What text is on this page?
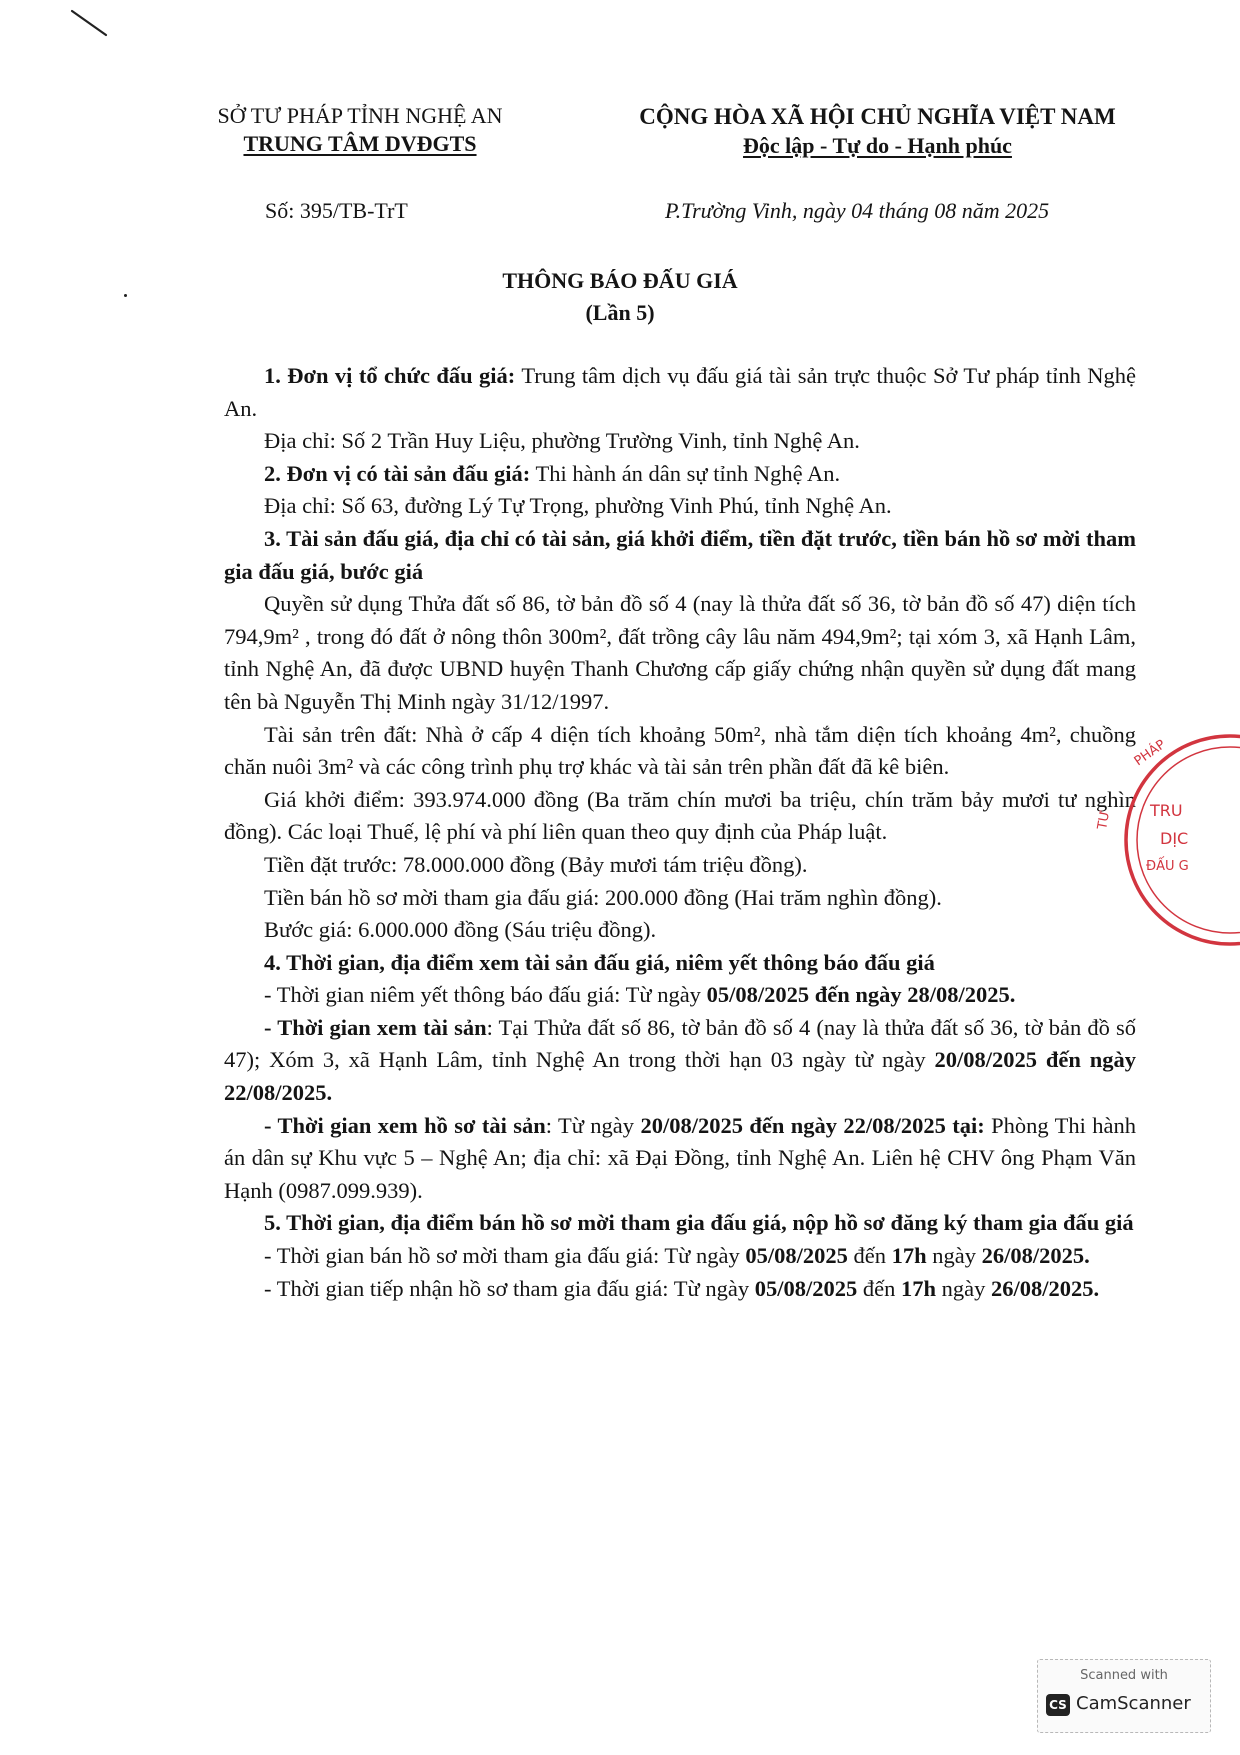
SỞ TƯ PHÁP TỈNH NGHỆ AN
TRUNG TÂM DVĐGTS
CỘNG HÒA XÃ HỘI CHỦ NGHĨA VIỆT NAM
Độc lập - Tự do - Hạnh phúc
Số: 395/TB-TrT	P.Trường Vinh, ngày 04 tháng 08 năm 2025
THÔNG BÁO ĐẤU GIÁ
(Lần 5)

1. Đơn vị tổ chức đấu giá: Trung tâm dịch vụ đấu giá tài sản trực thuộc Sở Tư pháp tỉnh Nghệ An.

Địa chỉ: Số 2 Trần Huy Liệu, phường Trường Vinh, tỉnh Nghệ An.

2. Đơn vị có tài sản đấu giá: Thi hành án dân sự tỉnh Nghệ An.

Địa chỉ: Số 63, đường Lý Tự Trọng, phường Vinh Phú, tỉnh Nghệ An.

3. Tài sản đấu giá, địa chỉ có tài sản, giá khởi điểm, tiền đặt trước, tiền bán hồ sơ mời tham gia đấu giá, bước giá

Quyền sử dụng Thửa đất số 86, tờ bản đồ số 4 (nay là thửa đất số 36, tờ bản đồ số 47) diện tích 794,9m² , trong đó đất ở nông thôn 300m², đất trồng cây lâu năm 494,9m²; tại xóm 3, xã Hạnh Lâm, tỉnh Nghệ An, đã được UBND huyện Thanh Chương cấp giấy chứng nhận quyền sử dụng đất mang tên bà Nguyễn Thị Minh ngày 31/12/1997.

Tài sản trên đất: Nhà ở cấp 4 diện tích khoảng 50m², nhà tắm diện tích khoảng 4m², chuồng chăn nuôi 3m² và các công trình phụ trợ khác và tài sản trên phần đất đã kê biên.

Giá khởi điểm: 393.974.000 đồng (Ba trăm chín mươi ba triệu, chín trăm bảy mươi tư nghìn đồng). Các loại Thuế, lệ phí và phí liên quan theo quy định của Pháp luật.

Tiền đặt trước: 78.000.000 đồng (Bảy mươi tám triệu đồng).

Tiền bán hồ sơ mời tham gia đấu giá: 200.000 đồng (Hai trăm nghìn đồng).

Bước giá: 6.000.000 đồng (Sáu triệu đồng).

4. Thời gian, địa điểm xem tài sản đấu giá, niêm yết thông báo đấu giá

- Thời gian niêm yết thông báo đấu giá: Từ ngày 05/08/2025 đến ngày 28/08/2025.

- Thời gian xem tài sản: Tại Thửa đất số 86, tờ bản đồ số 4 (nay là thửa đất số 36, tờ bản đồ số 47); Xóm 3, xã Hạnh Lâm, tỉnh Nghệ An trong thời hạn 03 ngày từ ngày 20/08/2025 đến ngày 22/08/2025.

- Thời gian xem hồ sơ tài sản: Từ ngày 20/08/2025 đến ngày 22/08/2025 tại: Phòng Thi hành án dân sự Khu vực 5 – Nghệ An; địa chỉ: xã Đại Đồng, tỉnh Nghệ An. Liên hệ CHV ông Phạm Văn Hạnh (0987.099.939).

5. Thời gian, địa điểm bán hồ sơ mời tham gia đấu giá, nộp hồ sơ đăng ký tham gia đấu giá

- Thời gian bán hồ sơ mời tham gia đấu giá: Từ ngày 05/08/2025 đến 17h ngày 26/08/2025.

- Thời gian tiếp nhận hồ sơ tham gia đấu giá: Từ ngày 05/08/2025 đến 17h ngày 26/08/2025.

PHÁP
TRU
DỊC
ĐẤU G
TƯ
Scanned with
CS CamScanner
